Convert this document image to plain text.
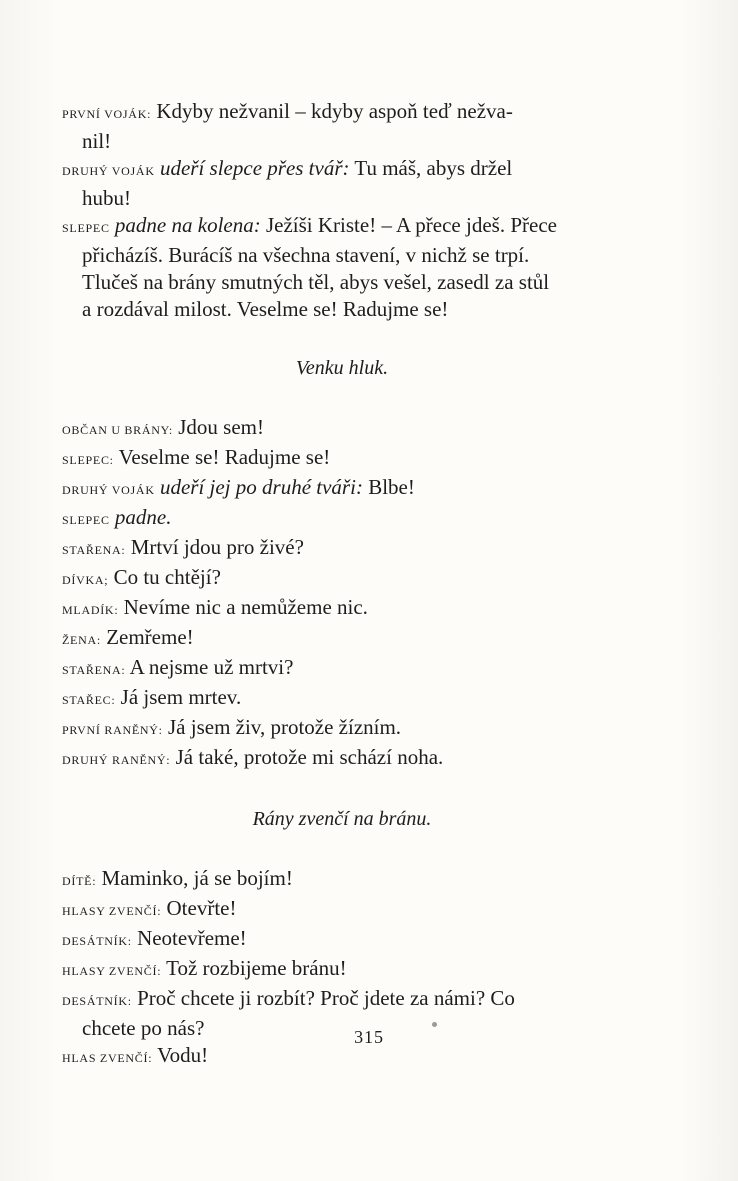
PRVNÍ VOJÁK: Kdyby nežvanil – kdyby aspoň teď nežva-

nil!

DRUHÝ VOJÁK udeří slepce přes tvář: Tu máš, abys držel

hubu!

SLEPEC padne na kolena: Ježíši Kriste! – A přece jdeš. Přece

přicházíš. Burácíš na všechna stavení, v nichž se trpí.

Tlučeš na brány smutných těl, abys vešel, zasedl za stůl

a rozdával milost. Veselme se! Radujme se!

Venku hluk.

OBČAN U BRÁNY: Jdou sem!

SLEPEC: Veselme se! Radujme se!

DRUHÝ VOJÁK udeří jej po druhé tváři: Blbe!

SLEPEC padne.

STAŘENA: Mrtví jdou pro živé?

DÍVKA; Co tu chtějí?

MLADÍK: Nevíme nic a nemůžeme nic.

ŽENA: Zemřeme!

STAŘENA: A nejsme už mrtvi?

STAŘEC: Já jsem mrtev.

PRVNÍ RANĚNÝ: Já jsem živ, protože žízním.

DRUHÝ RANĚNÝ: Já také, protože mi schází noha.

Rány zvenčí na bránu.

DÍTĚ: Maminko, já se bojím!

HLASY ZVENČÍ: Otevřte!

DESÁTNÍK: Neotevřeme!

HLASY ZVENČÍ: Tož rozbijeme bránu!

DESÁTNÍK: Proč chcete ji rozbít? Proč jdete za námi? Co

chcete po nás?

HLAS ZVENČÍ: Vodu!

315
